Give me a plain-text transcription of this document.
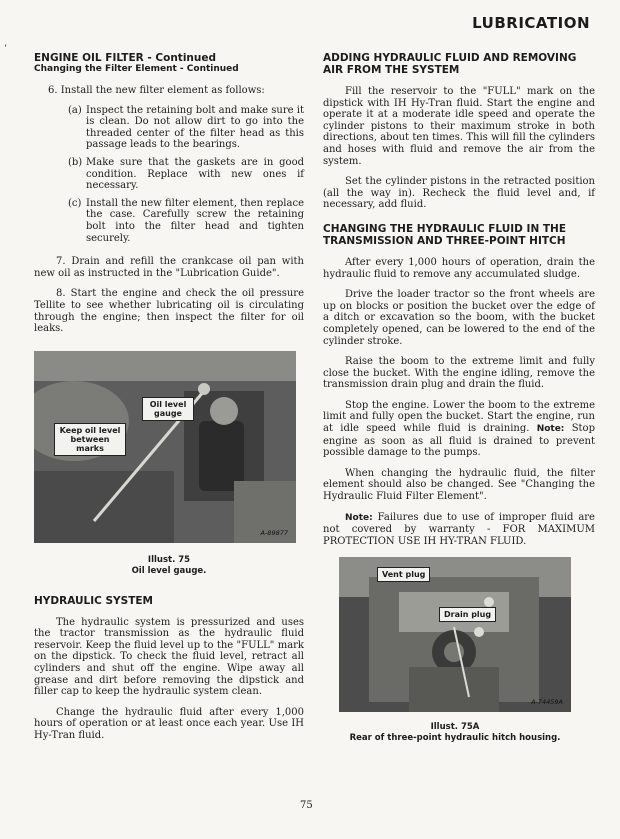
‘
LUBRICATION
ENGINE OIL FILTER - Continued
Changing the Filter Element - Continued

6. Install the new filter element as follows:

(a) Inspect the retaining bolt and make sure it is clean. Do not allow dirt to go into the threaded center of the filter head as this passage leads to the bearings.

(b) Make sure that the gaskets are in good condition. Replace with new ones if necessary.

(c) Install the new filter element, then replace the case. Carefully screw the retaining bolt into the filter head and tighten securely.

7. Drain and refill the crankcase oil pan with new oil as instructed in the "Lubrication Guide".

8. Start the engine and check the oil pressure Tellite to see whether lubricating oil is circulating through the engine; then inspect the filter for oil leaks.

Oil level gauge
Keep oil level between marks
A-89877
Illust. 75
Oil level gauge.
HYDRAULIC SYSTEM

The hydraulic system is pressurized and uses the tractor transmission as the hydraulic fluid reservoir. Keep the fluid level up to the "FULL" mark on the dipstick. To check the fluid level, retract all cylinders and shut off the engine. Wipe away all grease and dirt before removing the dipstick and filler cap to keep the hydraulic system clean.

Change the hydraulic fluid after every 1,000 hours of operation or at least once each year. Use IH Hy-Tran fluid.

ADDING HYDRAULIC FLUID AND REMOVING AIR FROM THE SYSTEM

Fill the reservoir to the "FULL" mark on the dipstick with IH Hy-Tran fluid. Start the engine and operate it at a moderate idle speed and operate the cylinder pistons to their maximum stroke in both directions, about ten times. This will fill the cylinders and hoses with fluid and remove the air from the system.

Set the cylinder pistons in the retracted position (all the way in). Recheck the fluid level and, if necessary, add fluid.

CHANGING THE HYDRAULIC FLUID IN THE TRANSMISSION AND THREE-POINT HITCH

After every 1,000 hours of operation, drain the hydraulic fluid to remove any accumulated sludge.

Drive the loader tractor so the front wheels are up on blocks or position the bucket over the edge of a ditch or excavation so the boom, with the bucket completely opened, can be lowered to the end of the cylinder stroke.

Raise the boom to the extreme limit and fully close the bucket. With the engine idling, remove the transmission drain plug and drain the fluid.

Stop the engine. Lower the boom to the extreme limit and fully open the bucket. Start the engine, run at idle speed while fluid is draining. Note: Stop engine as soon as all fluid is drained to prevent possible damage to the pumps.

When changing the hydraulic fluid, the filter element should also be changed. See "Changing the Hydraulic Fluid Filter Element".

Note: Failures due to use of improper fluid are not covered by warranty - FOR MAXIMUM PROTECTION USE IH HY-TRAN FLUID.

Vent plug
Drain plug
A-74459A
Illust. 75A
Rear of three-point hydraulic hitch housing.
75
